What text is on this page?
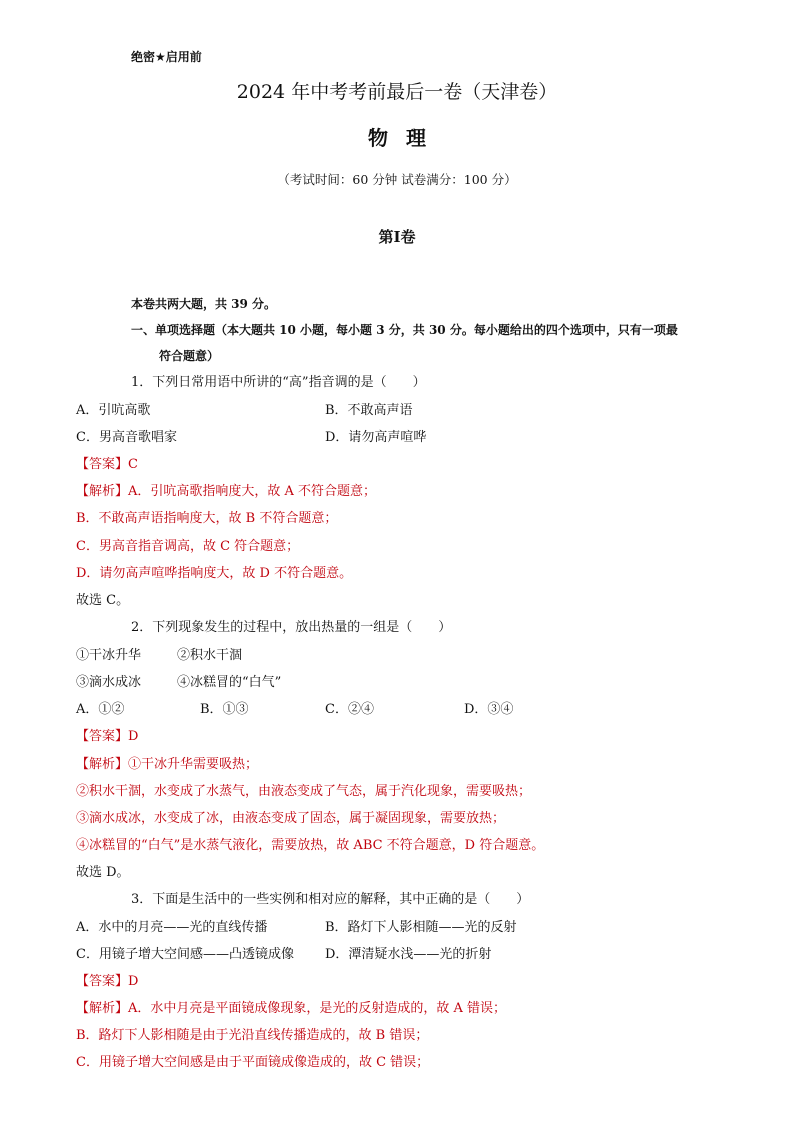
绝密★启用前
2024 年中考考前最后一卷（天津卷）
物理
（考试时间：60 分钟 试卷满分：100 分）
第Ⅰ卷
本卷共两大题，共 39 分。
一、单项选择题（本大题共 10 小题，每小题 3 分，共 30 分。每小题给出的四个选项中，只有一项最
符合题意）
1．下列日常用语中所讲的“高”指音调的是（　　）
A．引吭高歌	B．不敢高声语
C．男高音歌唱家	D．请勿高声喧哗
【答案】C
【解析】A．引吭高歌指响度大，故 A 不符合题意；
B．不敢高声语指响度大，故 B 不符合题意；
C．男高音指音调高，故 C 符合题意；
D．请勿高声喧哗指响度大，故 D 不符合题意。
故选 C。
2．下列现象发生的过程中，放出热量的一组是（　　）
①干冰升华	②积水干涸
③滴水成冰	④冰糕冒的“白气”
A．①②	B．①③	C．②④	D．③④
【答案】D
【解析】①干冰升华需要吸热；
②积水干涸，水变成了水蒸气，由液态变成了气态，属于汽化现象，需要吸热；
③滴水成冰，水变成了冰，由液态变成了固态，属于凝固现象，需要放热；
④冰糕冒的“白气”是水蒸气液化，需要放热，故 ABC 不符合题意，D 符合题意。
故选 D。
3．下面是生活中的一些实例和相对应的解释，其中正确的是（　　）
A．水中的月亮——光的直线传播	B．路灯下人影相随——光的反射
C．用镜子增大空间感——凸透镜成像 D．潭清疑水浅——光的折射
【答案】D
【解析】A．水中月亮是平面镜成像现象，是光的反射造成的，故 A 错误；
B．路灯下人影相随是由于光沿直线传播造成的，故 B 错误；
C．用镜子增大空间感是由于平面镜成像造成的，故 C 错误；
